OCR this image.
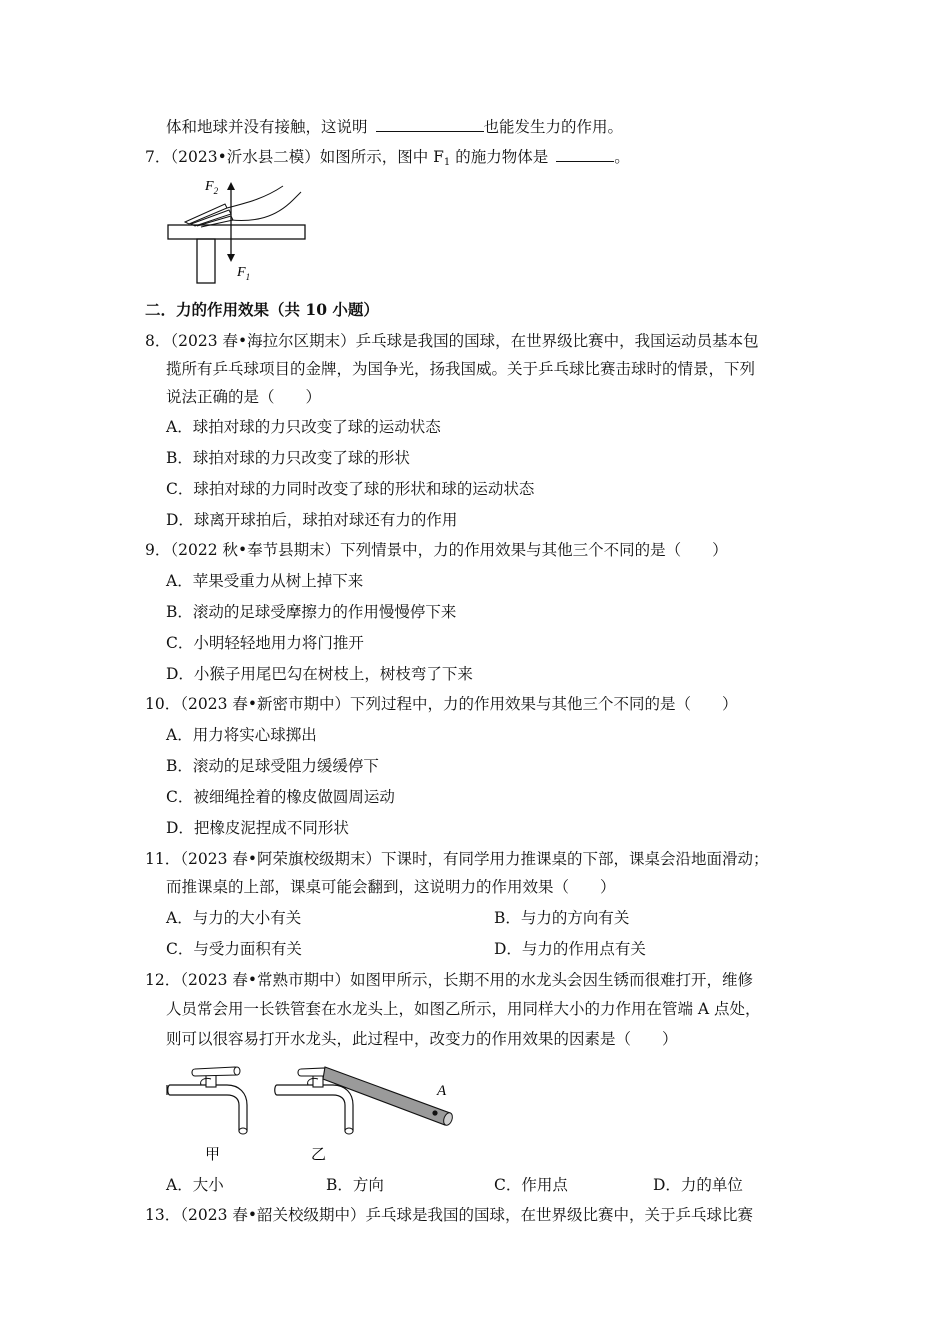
体和地球并没有接触，这说明	也能发生力的作用。
7．（2023•沂水县二模）如图所示，图中 $F_1$ 的施力物体是	。
$F_2$
$F_1$
二．力的作用效果（共 10 小题）
8．（2023 春•海拉尔区期末）乒乓球是我国的国球，在世界级比赛中，我国运动员基本包
揽所有乒乓球项目的金牌，为国争光，扬我国威。关于乒乓球比赛击球时的情景，下列
说法正确的是（　　）
A．球拍对球的力只改变了球的运动状态
B．球拍对球的力只改变了球的形状
C．球拍对球的力同时改变了球的形状和球的运动状态
D．球离开球拍后，球拍对球还有力的作用
9．（2022 秋•奉节县期末）下列情景中，力的作用效果与其他三个不同的是（　　）
A．苹果受重力从树上掉下来
B．滚动的足球受摩擦力的作用慢慢停下来
C．小明轻轻地用力将门推开
D．小猴子用尾巴勾在树枝上，树枝弯了下来
10．（2023 春•新密市期中）下列过程中，力的作用效果与其他三个不同的是（　　）
A．用力将实心球掷出
B．滚动的足球受阻力缓缓停下
C．被细绳拴着的橡皮做圆周运动
D．把橡皮泥捏成不同形状
11．（2023 春•阿荣旗校级期末）下课时，有同学用力推课桌的下部，课桌会沿地面滑动；
而推课桌的上部，课桌可能会翻到，这说明力的作用效果（　　）
A．与力的大小有关	B．与力的方向有关
C．与受力面积有关	D．与力的作用点有关
12．（2023 春•常熟市期中）如图甲所示，长期不用的水龙头会因生锈而很难打开，维修
人员常会用一长铁管套在水龙头上，如图乙所示，用同样大小的力作用在管端 A 点处，
则可以很容易打开水龙头，此过程中，改变力的作用效果的因素是（　　）
A
甲	乙
A．大小	B．方向	C．作用点	D．力的单位
13．（2023 春•韶关校级期中）乒乓球是我国的国球，在世界级比赛中，关于乒乓球比赛
